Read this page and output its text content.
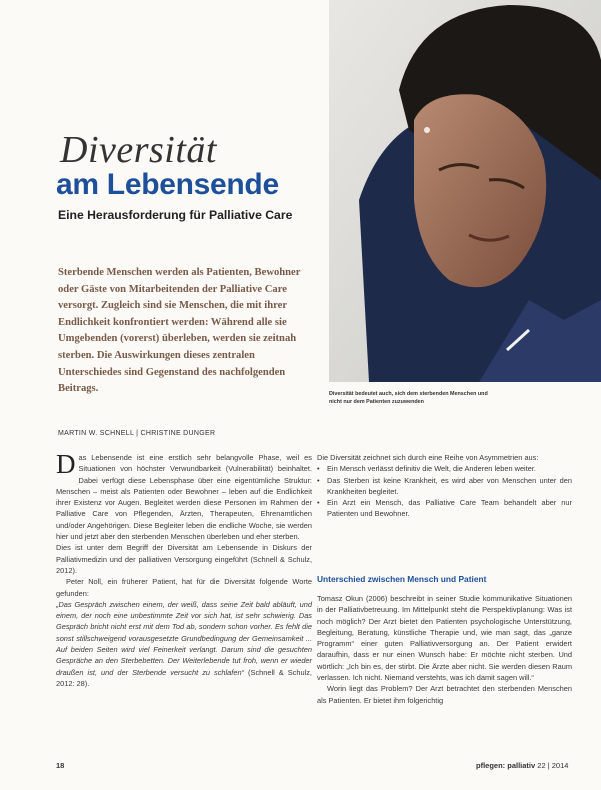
Diversität
am Lebensende
Eine Herausforderung für Palliative Care
Sterbende Menschen werden als Patienten, Bewohner oder Gäste von Mitarbeitenden der Palliative Care versorgt. Zugleich sind sie Menschen, die mit ihrer Endlichkeit konfrontiert werden: Während alle sie Umgebenden (vorerst) überleben, werden sie zeitnah sterben. Die Auswirkungen dieses zentralen Unterschiedes sind Gegenstand des nachfolgenden Beitrags.	Diversität bedeutet auch, sich dem sterbenden Menschen und nicht nur dem Patienten zuzuwenden
MARTIN W. SCHNELL | CHRISTINE DUNGER
D as Lebensende ist eine erstlich sehr belangvolle Phase, weil es Situationen von höchster Verwundbarkeit (Vulnerabilität) beinhaltet. Dabei verfügt diese Lebensphase über eine eigentümliche Struktur: Menschen – meist als Patienten oder Bewohner – leben auf die Endlichkeit ihrer Existenz vor Augen. Begleitet werden diese Personen im Rahmen der Palliative Care von Pflegenden, Ärzten, Therapeuten, Ehrenamtlichen und/oder Angehörigen. Diese Begleiter leben die endliche Woche, sie werden hier und jetzt aber den sterbenden Menschen überleben und eher sterben.

Dies ist unter dem Begriff der Diversität am Lebensende in Diskurs der Palliativmedizin und der palliativen Versorgung eingeführt (Schnell & Schulz, 2012).

Peter Noll, ein früherer Patient, hat für die Diversität folgende Worte gefunden:

„Das Gespräch zwischen einem, der weiß, dass seine Zeit bald abläuft, und einem, der noch eine unbestimmte Zeit vor sich hat, ist sehr schwierig. Das Gespräch bricht nicht erst mit dem Tod ab, sondern schon vorher. Es fehlt die sonst stillschweigend vorausgesetzte Grundbedingung der Gemeinsamkeit ... Auf beiden Seiten wird viel Feinerkeit verlangt. Darum sind die gesuchten Gespräche an den Sterbebetten. Der Weiterlebende tut froh, wenn er wieder draußen ist, und der Sterbende versucht zu schlafen“ (Schnell & Schulz, 2012: 28).

Die Diversität zeichnet sich durch eine Reihe von Asymmetrien aus:

• Ein Mensch verlässt definitiv die Welt, die Anderen leben weiter.
• Das Sterben ist keine Krankheit, es wird aber von Menschen unter den Krankheiten begleitet.
• Ein Arzt ein Mensch, das Palliative Care Team behandelt aber nur Patienten und Bewohner.
Unterschied zwischen Mensch und Patient

Tomasz Okun (2006) beschreibt in seiner Studie kommunikative Situationen in der Palliativbetreuung. Im Mittelpunkt steht die Perspektivplanung: Was ist noch möglich? Der Arzt bietet den Patienten psychologische Unterstützung, Begleitung, Beratung, künstliche Therapie und, wie man sagt, das „ganze Programm“ einer guten Palliativversorgung an. Der Patient erwidert daraufhin, dass er nur einen Wunsch habe: Er möchte nicht sterben. Und wörtlich: „Ich bin es, der stirbt. Die Ärzte aber nicht. Sie werden diesen Raum verlassen. Ich nicht. Niemand verstehts, was ich damit sagen will.“

Worin liegt das Problem? Der Arzt betrachtet den sterbenden Menschen als Patienten. Er bietet ihm folgerichtig

18	pflegen: palliativ 22 | 2014
